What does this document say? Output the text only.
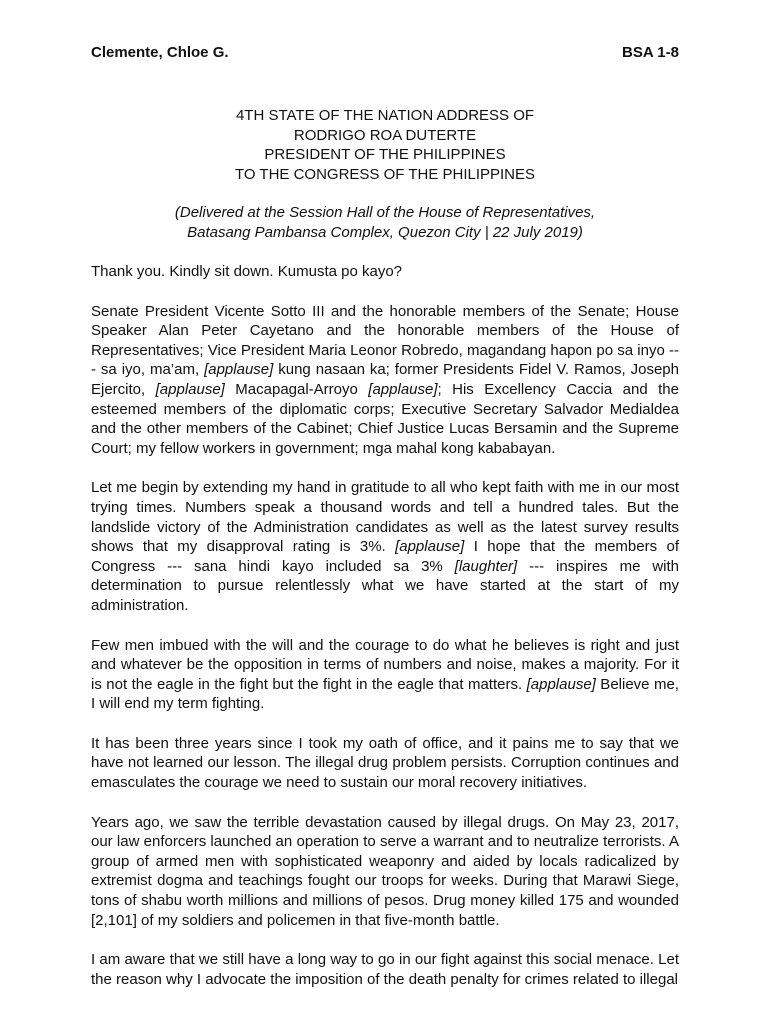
Clemente, Chloe G.	BSA 1-8
4TH STATE OF THE NATION ADDRESS OF
RODRIGO ROA DUTERTE
PRESIDENT OF THE PHILIPPINES
TO THE CONGRESS OF THE PHILIPPINES
(Delivered at the Session Hall of the House of Representatives,
Batasang Pambansa Complex, Quezon City | 22 July 2019)

Thank you. Kindly sit down. Kumusta po kayo?

Senate President Vicente Sotto III and the honorable members of the Senate; House Speaker Alan Peter Cayetano and the honorable members of the House of Representatives; Vice President Maria Leonor Robredo, magandang hapon po sa inyo --- sa iyo, ma’am, [applause] kung nasaan ka; former Presidents Fidel V. Ramos, Joseph Ejercito, [applause] Macapagal-Arroyo [applause]; His Excellency Caccia and the esteemed members of the diplomatic corps; Executive Secretary Salvador Medialdea and the other members of the Cabinet; Chief Justice Lucas Bersamin and the Supreme Court; my fellow workers in government; mga mahal kong kababayan.

Let me begin by extending my hand in gratitude to all who kept faith with me in our most trying times. Numbers speak a thousand words and tell a hundred tales. But the landslide victory of the Administration candidates as well as the latest survey results shows that my disapproval rating is 3%. [applause] I hope that the members of Congress --- sana hindi kayo included sa 3% [laughter] --- inspires me with determination to pursue relentlessly what we have started at the start of my administration.

Few men imbued with the will and the courage to do what he believes is right and just and whatever be the opposition in terms of numbers and noise, makes a majority. For it is not the eagle in the fight but the fight in the eagle that matters. [applause] Believe me, I will end my term fighting.

It has been three years since I took my oath of office, and it pains me to say that we have not learned our lesson. The illegal drug problem persists. Corruption continues and emasculates the courage we need to sustain our moral recovery initiatives.

Years ago, we saw the terrible devastation caused by illegal drugs. On May 23, 2017, our law enforcers launched an operation to serve a warrant and to neutralize terrorists. A group of armed men with sophisticated weaponry and aided by locals radicalized by extremist dogma and teachings fought our troops for weeks. During that Marawi Siege, tons of shabu worth millions and millions of pesos. Drug money killed 175 and wounded [2,101] of my soldiers and policemen in that five-month battle.

I am aware that we still have a long way to go in our fight against this social menace. Let the reason why I advocate the imposition of the death penalty for crimes related to illegal
